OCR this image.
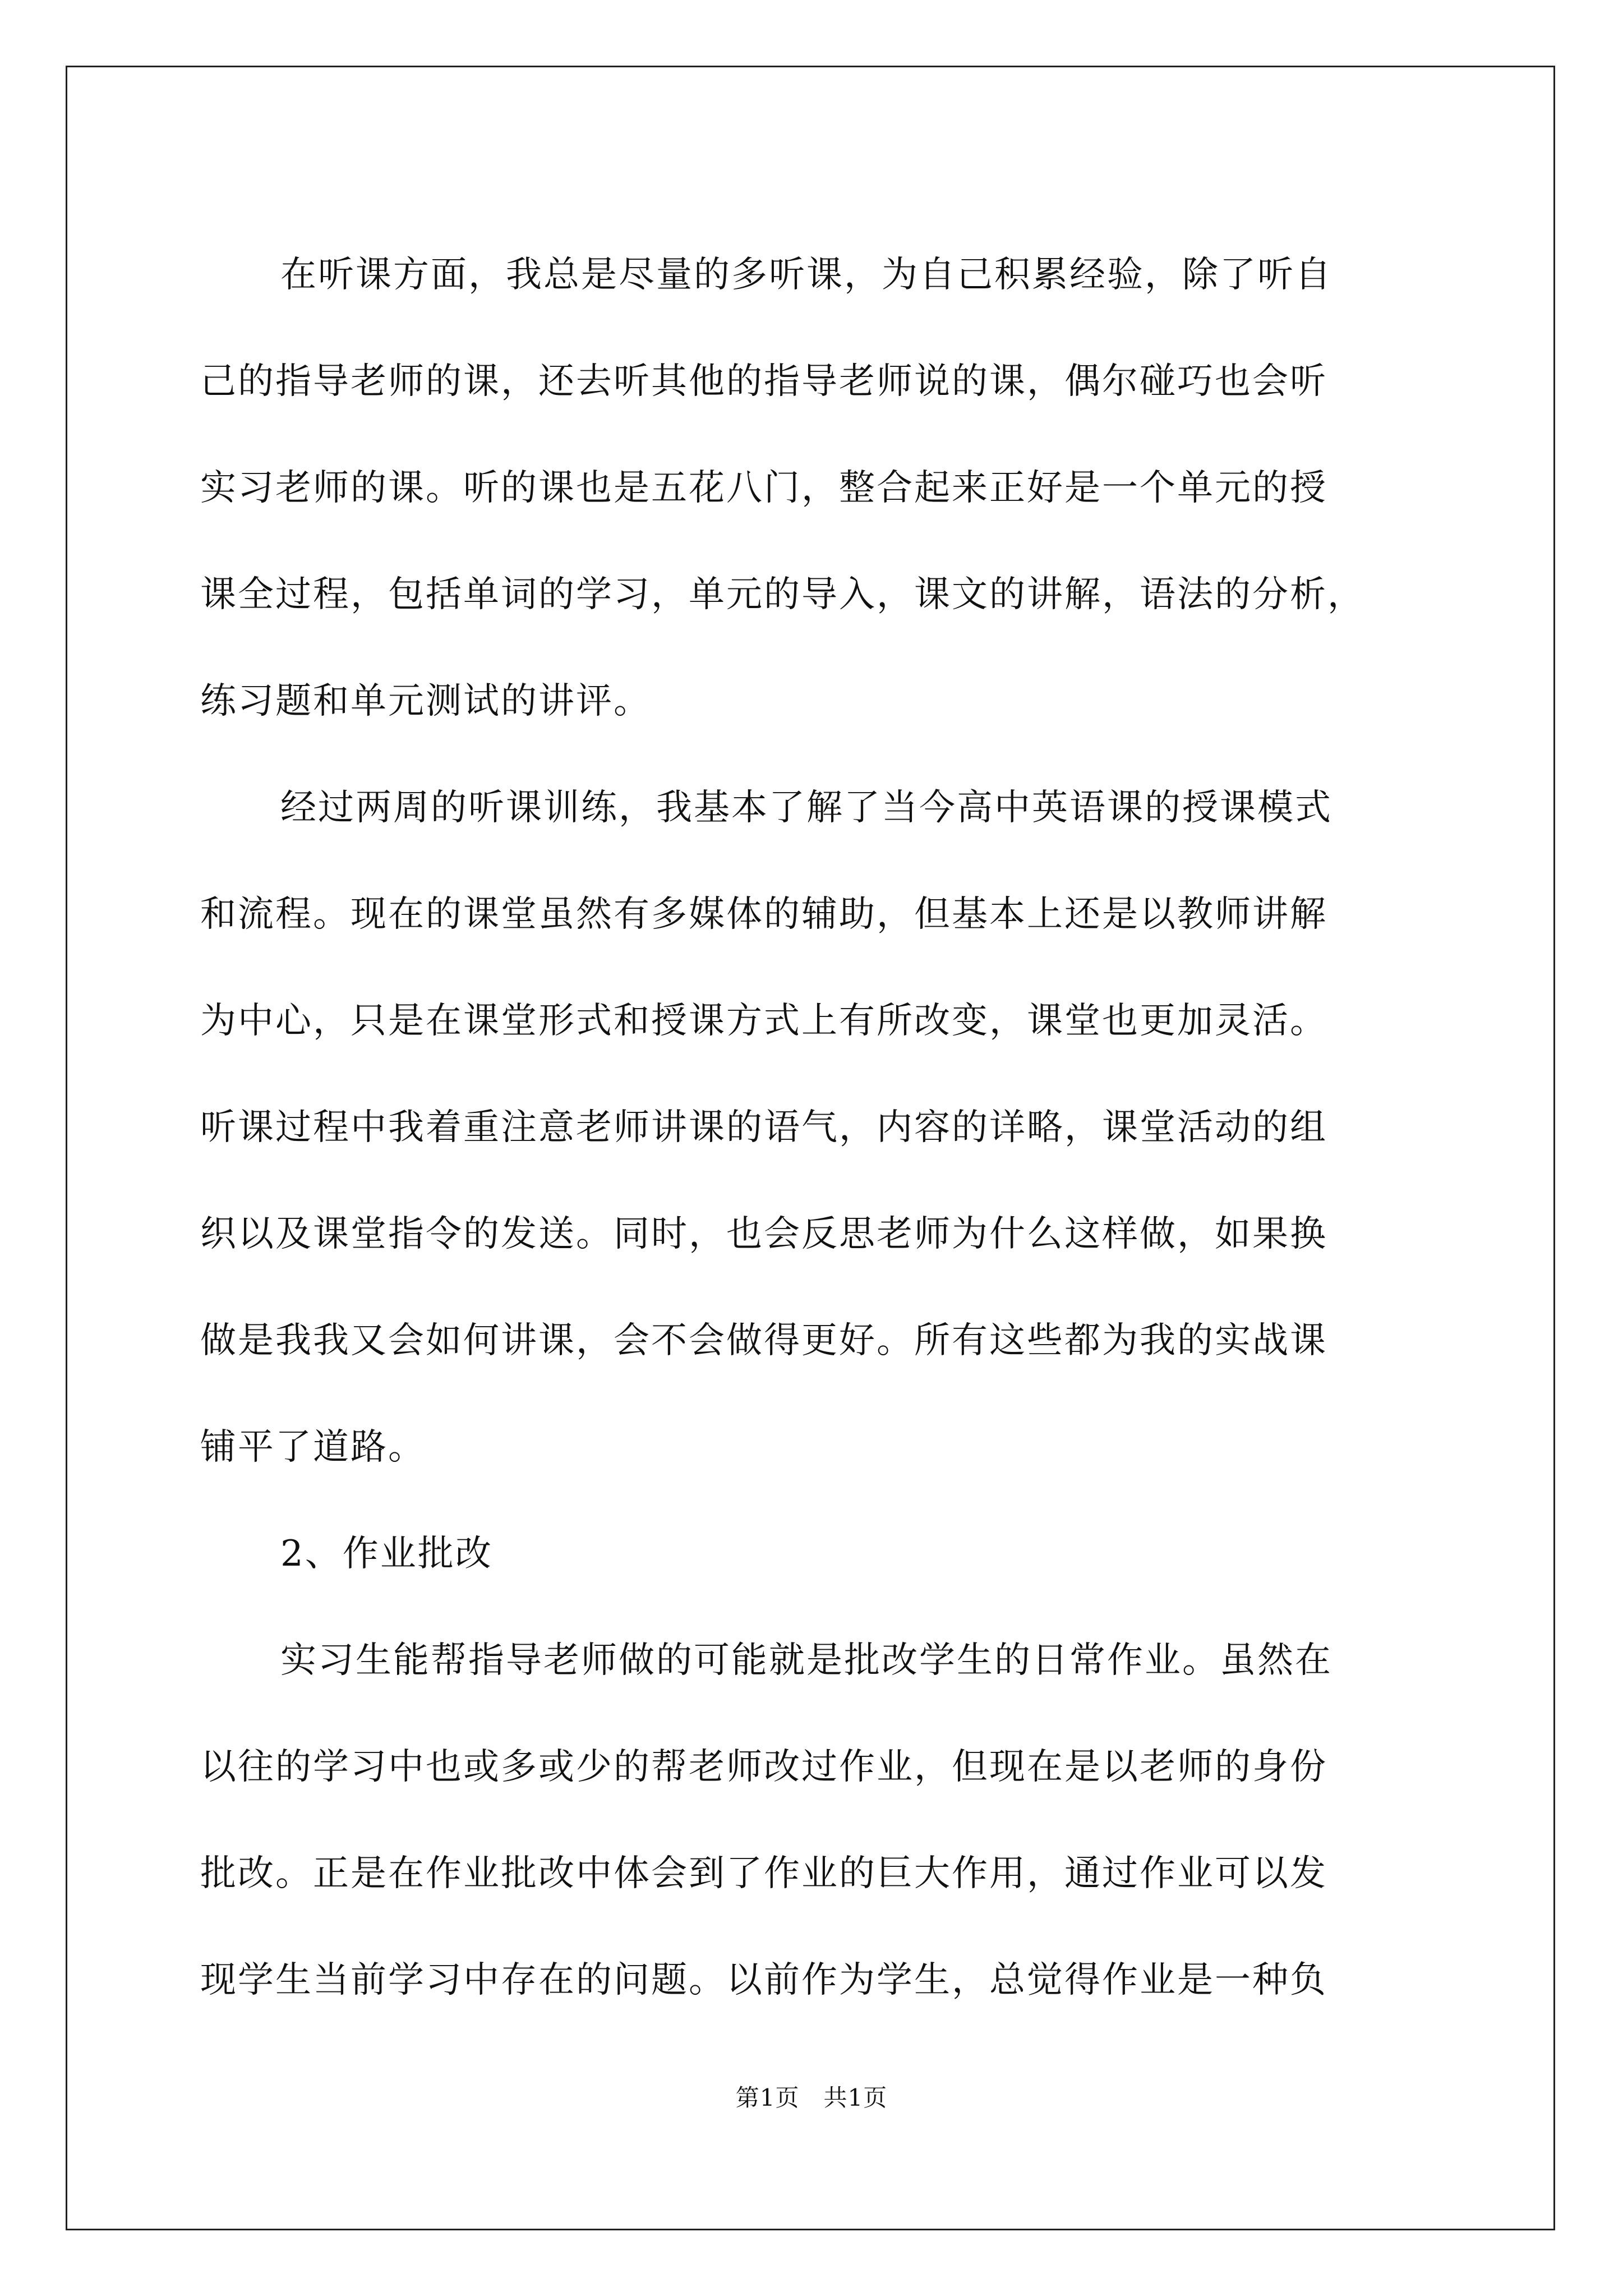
在听课方面，我总是尽量的多听课，为自己积累经验，除了听自
己的指导老师的课，还去听其他的指导老师说的课，偶尔碰巧也会听
实习老师的课。听的课也是五花八门，整合起来正好是一个单元的授
课全过程，包括单词的学习，单元的导入，课文的讲解，语法的分析，
练习题和单元测试的讲评。
经过两周的听课训练，我基本了解了当今高中英语课的授课模式
和流程。现在的课堂虽然有多媒体的辅助，但基本上还是以教师讲解
为中心，只是在课堂形式和授课方式上有所改变，课堂也更加灵活。
听课过程中我着重注意老师讲课的语气，内容的详略，课堂活动的组
织以及课堂指令的发送。同时，也会反思老师为什么这样做，如果换
做是我我又会如何讲课，会不会做得更好。所有这些都为我的实战课
铺平了道路。
2、作业批改
实习生能帮指导老师做的可能就是批改学生的日常作业。虽然在
以往的学习中也或多或少的帮老师改过作业，但现在是以老师的身份
批改。正是在作业批改中体会到了作业的巨大作用，通过作业可以发
现学生当前学习中存在的问题。以前作为学生，总觉得作业是一种负
第1页　共1页
